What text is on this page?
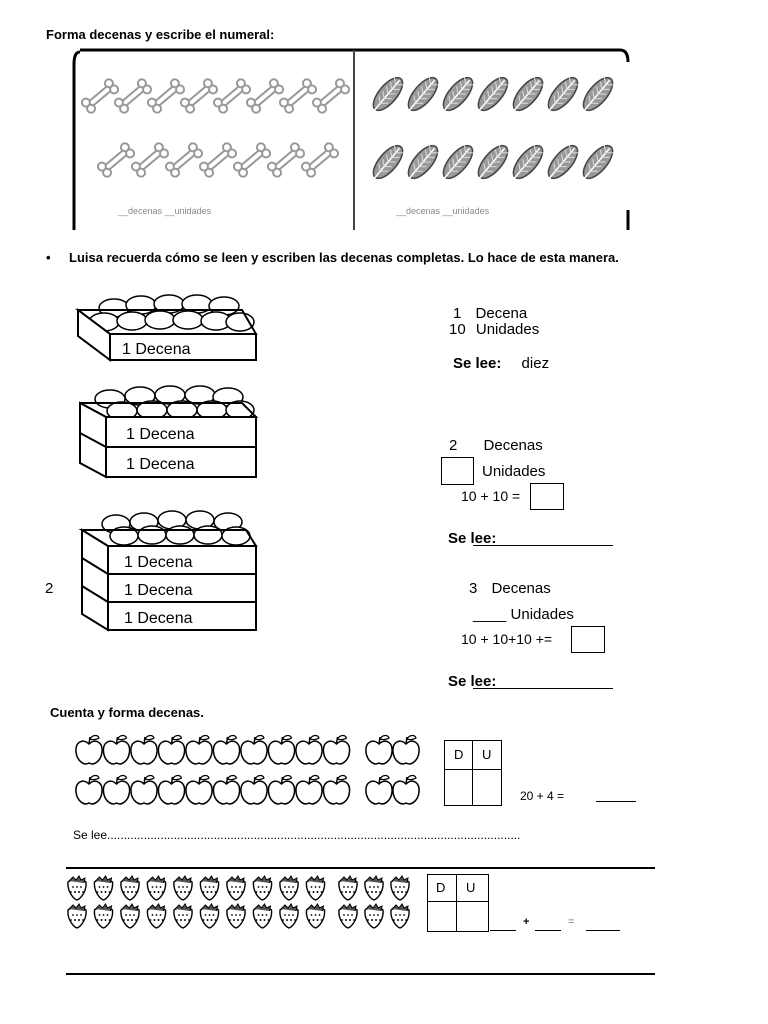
Forma decenas y escribe el numeral:
__decenas __unidades	__decenas __unidades
• Luisa recuerda cómo se leen y escriben las decenas completas. Lo hace de esta manera.
1 Decena
1 Decena
1 Decena
1 Decena
1 Decena
1 Decena
2
1 Decena
10 Unidades
Se lee: diez
2 Decenas
Unidades
10 + 10 =
Se lee:
3 Decenas
____ Unidades
10 + 10+10 +=
Se lee:
Cuenta y forma decenas.
D U
20 + 4 =
Se lee............................................................................................................................
D U
+	=
